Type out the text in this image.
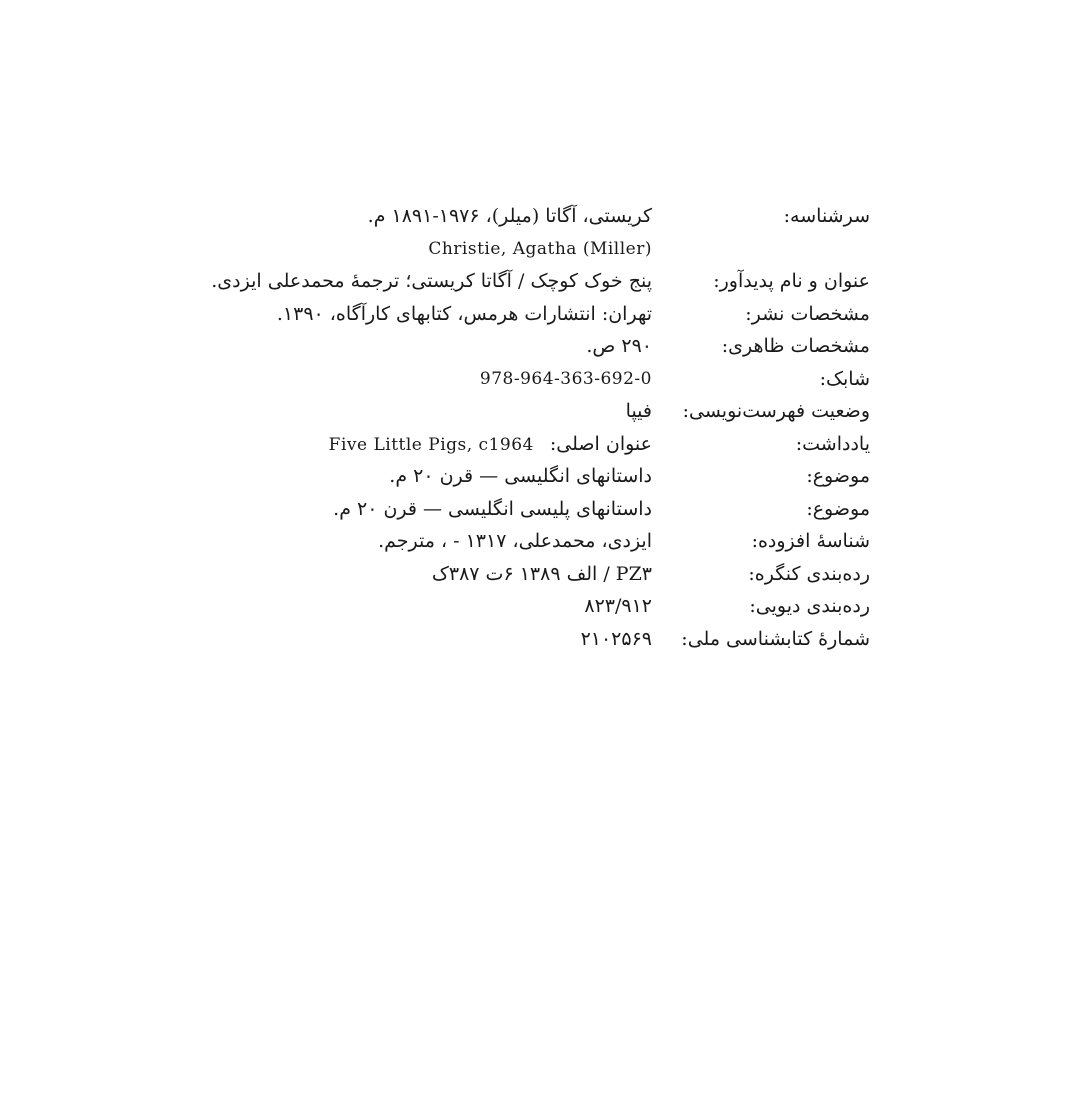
سرشناسه:
کریستی، آگاتا (میلر)، ۱۹۷۶-۱۸۹۱ م.
Christie, Agatha (Miller)
عنوان و نام پدیدآور:
پنج خوک کوچک / آگاتا کریستی؛ ترجمهٔ محمدعلی ایزدی.
مشخصات نشر:
تهران: انتشارات هرمس، کتابهای کارآگاه، ۱۳۹۰.
مشخصات ظاهری:
۲۹۰ ص.
شابک:
978-964-363-692-0
وضعیت فهرست‌نویسی:
فیپا
یادداشت:
عنوان اصلی: Five Little Pigs, c1964
موضوع:
داستانهای انگلیسی — قرن ۲۰ م.
موضوع:
داستانهای پلیسی انگلیسی — قرن ۲۰ م.
شناسهٔ افزوده:
ایزدی، محمدعلی، ۱۳۱۷ - ، مترجم.
رده‌بندی کنگره:
PZ۳ / الف ۱۳۸۹ ۶ت ۳۸۷ک
رده‌بندی دیویی:
۸۲۳/۹۱۲
شمارهٔ کتابشناسی ملی:
۲۱۰۲۵۶۹
